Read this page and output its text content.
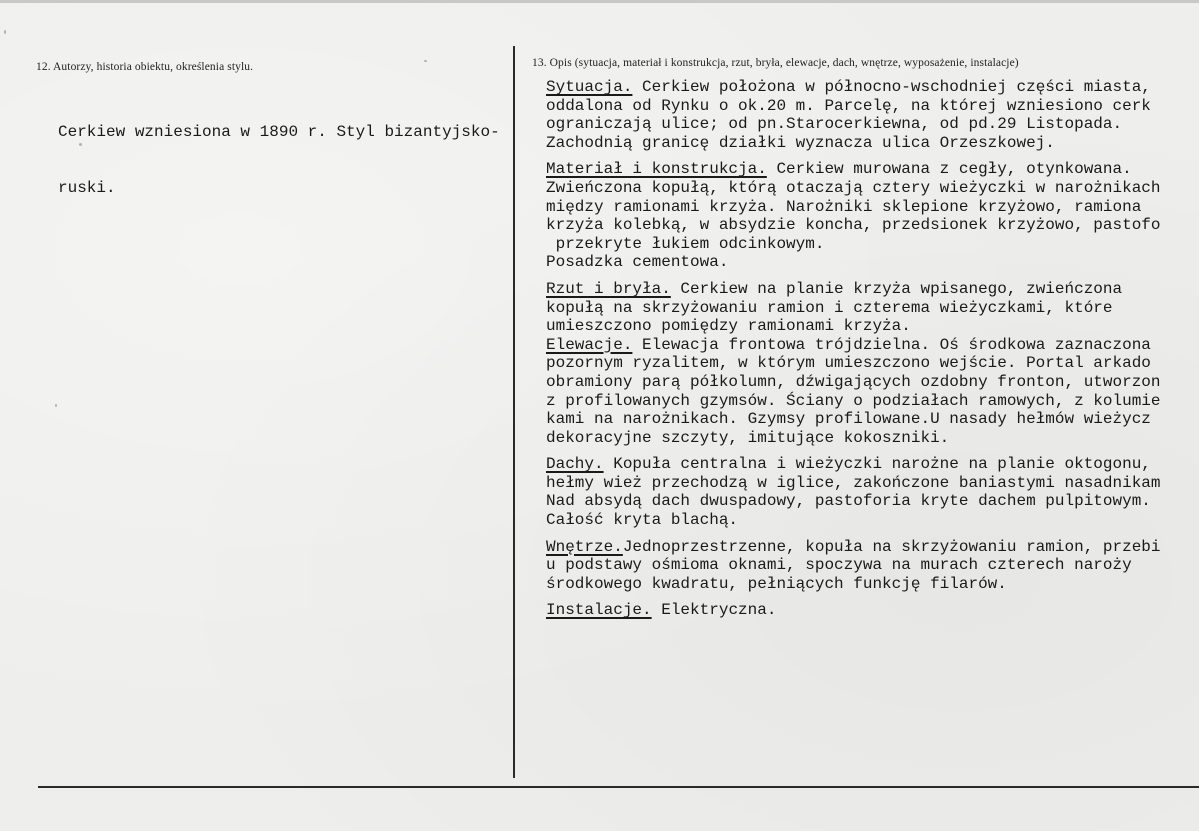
12. Autorzy, historia obiektu, określenia stylu.	13. Opis (sytuacja, materiał i konstrukcja, rzut, bryła, elewacje, dach, wnętrze, wyposażenie, instalacje)

Cerkiew wzniesiona w 1890 r. Styl bizantyjsko-

ruski.

Sytuacja. Cerkiew położona w północno-wschodniej części miasta,
oddalona od Rynku o ok.20 m. Parcelę, na której wzniesiono cerk
ograniczają ulice; od pn.Starocerkiewna, od pd.29 Listopada.
Zachodnią granicę działki wyznacza ulica Orzeszkowej.
Materiał i konstrukcja. Cerkiew murowana z cegły, otynkowana.
Zwieńczona kopułą, którą otaczają cztery wieżyczki w narożnikach
między ramionami krzyża. Narożniki sklepione krzyżowo, ramiona
krzyża kolebką, w absydzie koncha, przedsionek krzyżowo, pastofo
przekryte łukiem odcinkowym.
Posadzka cementowa.
Rzut i bryła. Cerkiew na planie krzyża wpisanego, zwieńczona
kopułą na skrzyżowaniu ramion i czterema wieżyczkami, które
umieszczono pomiędzy ramionami krzyża.
Elewacje. Elewacja frontowa trójdzielna. Oś środkowa zaznaczona
pozornym ryzalitem, w którym umieszczono wejście. Portal arkado
obramiony parą półkolumn, dźwigających ozdobny fronton, utworzon
z profilowanych gzymsów. Ściany o podziałach ramowych, z kolumie
kami na narożnikach. Gzymsy profilowane.U nasady hełmów wieżycz
dekoracyjne szczyty, imitujące kokoszniki.
Dachy. Kopuła centralna i wieżyczki narożne na planie oktogonu,
hełmy wież przechodzą w iglice, zakończone baniastymi nasadnikam
Nad absydą dach dwuspadowy, pastoforia kryte dachem pulpitowym.
Całość kryta blachą.
Wnętrze.Jednoprzestrzenne, kopuła na skrzyżowaniu ramion, przebi
u podstawy ośmioma oknami, spoczywa na murach czterech naroży
środkowego kwadratu, pełniących funkcję filarów.
Instalacje. Elektryczna.
